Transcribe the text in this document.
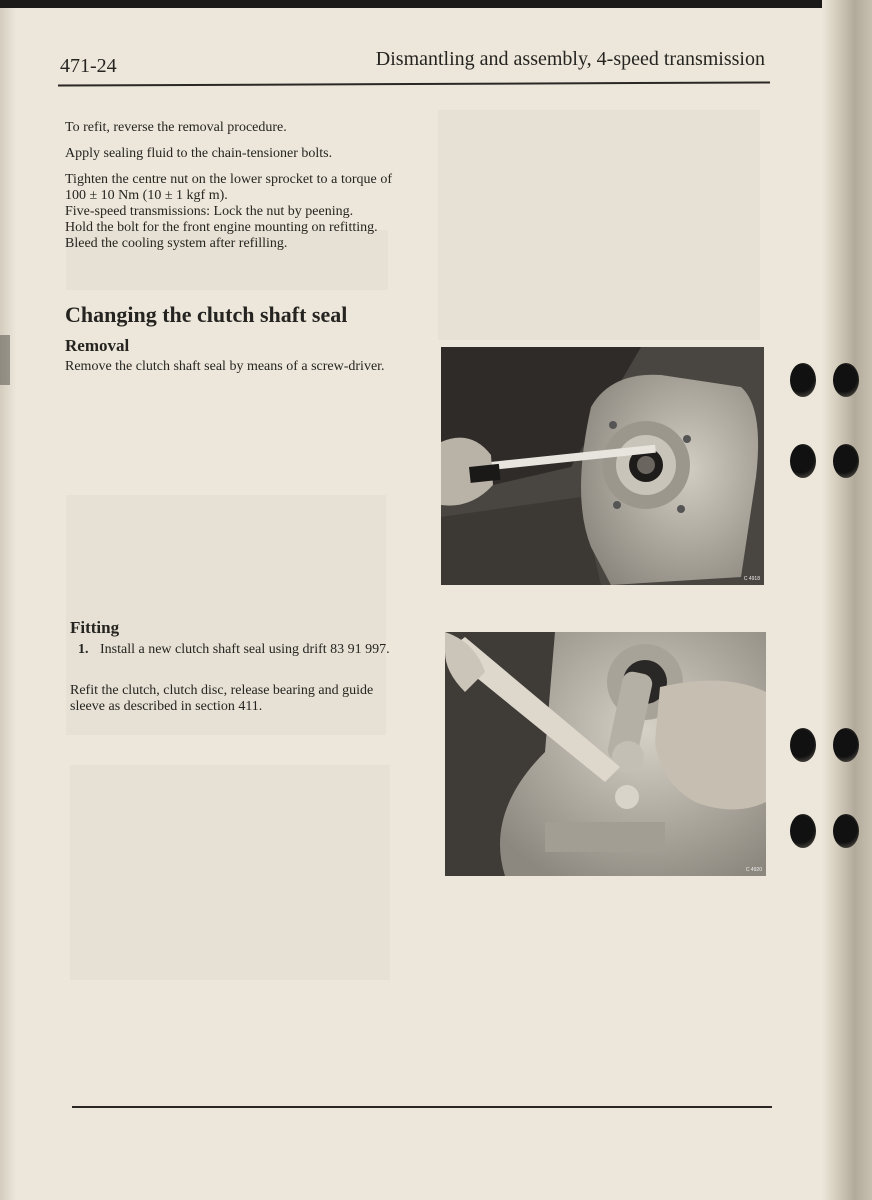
471-24	Dismantling and assembly, 4-speed transmission

To refit, reverse the removal procedure.

Apply sealing fluid to the chain-tensioner bolts.

Tighten the centre nut on the lower sprocket to a torque of 100 ± 10 Nm (10 ± 1 kgf m).

Five-speed transmissions: Lock the nut by peening.

Hold the bolt for the front engine mounting on refitting.

Bleed the cooling system after refilling.

Changing the clutch shaft seal
Removal
Remove the clutch shaft seal by means of a screw-driver.
Fitting
1. Install a new clutch shaft seal using drift 83 91 997.
Refit the clutch, clutch disc, release bearing and guide sleeve as described in section 411.
C 4918
C 4920
